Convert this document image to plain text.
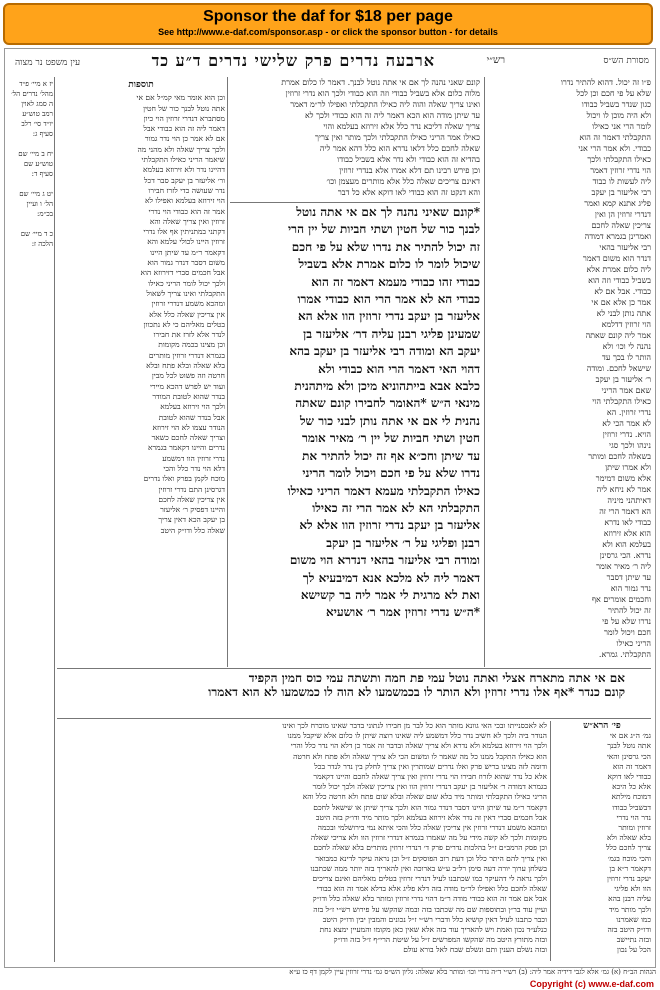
Sponsor the daf for $18 per page
See http://www.e-daf.com/sponsor.asp - or click the sponsor button - for details
מסורת הש״ס
רש״י
ארבעה נדרים פרק שלישי נדרים ד״ע כד
עין משפט נר מצוה
פ״ו זה יכול. דהוא להתיר נדרו
שלא על פי חכם וכן לכל
כגון שנדר בשביל כבודו
ולא היה מוכן לו ויכול
לומר הרי אני כאילו
התקבלתי דאמר זה הוא
כבודי. ולא אמר הרי אני
כאילו התקבלתי ולכך
הוי נדרי זרוזין דאמר
ליה לעשות לו כבוד
רבי אליעזר בן יעקב
פליג אתנא קמא ואמר
דנדרי זרוזין הן ואין
צריכין שאלה לחכם
ואמרינן בגמרא דמודה
רבי אליעזר בהאי
דנדר הוא משום דאמר
ליה כלום אמרת אלא
בשביל כבודי וזה הוא
כבודי. אבל אם לא
אמר כן אלא אם אי
אתה נותן לבני לא
הוי זרוזין דדלמא
אמר ליה קונם שאתה
נהנה לי וכו׳ ולא
הותר לו בכך עד
שישאל לחכם. ומודה
ר׳ אליעזר בן יעקב
שאם אמר הריני
כאילו התקבלתי הוי
נדרי זרוזין. הא
לא אמר הכי לא
הויא. נדרי זרוזין
נינהו ולכך סגי
בשאלה לחכם ומותר
ולא אמרו שיתן
אלא משום דמימר
אמר לא ניחא ליה
דאיתהני מיניה
הא דאמר הרי זה
כבודי לאו נדרא
הוא אלא זירוזא
בעלמא הוא ולא
נדרא. הכי גרסינן
ליה ר׳ מאיר אומר
עד שיתן דסבר
נדר גמור הוא
וחכמים אומרים אף
זה יכול להתיר
נדרו שלא על פי
חכם ויכול לומר
הריני כאילו
התקבלתי. גמרא.
קונם שאני נהנה לך אם אי אתה נוטל לבנך. דאמר לו כלום אמרת
מלוה כלום אלא בשביל כבודי וזה הוא כבודי ולכך הוא נדרי זרוזין
ואינו צריך שאלה והוה ליה כאילו התקבלתי ואפילו לר״מ דאמר
עד שיתן מודה הוא הכא דאמר ליה זה הוא כבודי ולכך לא
צריך שאלה דליכא נדר כלל אלא זירוזא בעלמא והוי
כאילו אמר הריני כאילו התקבלתי ולכך מותר ואין צריך
שאלה לחכם כלל דלאו נדרא הוא כלל דהא אמר ליה
בהדיא זה הוא כבודי ולא נדר אלא בשביל כבודו
וכן פירש רבינו תם דלא אמרו אלא בנדרי זרוזין
דאינם צריכים שאלה כלל אלא מותרים מעצמן וכו׳
והא דנקט זה הוא כבודי לאו דוקא אלא כל דבר
*קונם שאיני נהנה לך אם אי אתה נוטל
לבנך כור של חטין ושתי חביות של יין הרי
זה יכול להתיר את נדרו שלא על פי חכם
שיכול לומר לו כלום אמרת אלא בשביל
כבודי זהו כבודי מעמא דאמר זה הוא
כבודי הא לא אמר הרי הוא כבודי אמרו
אליעזר בן יעקב נדרי זרוזין הוו אלא הא
שמעינן פליגי רבנן עליה דר׳ אליעזר בן
יעקב הא ומודה רבי אליעזר בן יעקב בהא
דהוי האי דאמר הרי הוא כבודי ולא
כלבא אבא בייתהוניא מיכן ולא מיתהנית
מינאי ה״ש *האומר לחבירו קונם שאתה
נהנית לי אם אי אתה נותן לבני כור של
חטין ושתי חביות של יין ר׳ מאיר אומר
עד שיתן וחכ״א אף זה יכול להתיר את
נדרו שלא על פי חכם ויכול לומר הריני
כאילו התקבלתי מעמא דאמר הריני כאילו
התקבלתי הא לא אמר הרי זה כאילו
אליעזר בן יעקב נדרי זרוזין הוו אלא לא
רבנן ופליגי על ר׳ אליעזר בן יעקב
ומודה רבי אליעזר בהאי דנדרא הוי משום
דאמר ליה לא מלכא אנא דמיבעיא לך
ואת לא מרגית לי אמר ליה בר קשישא
*ה״ש נדרי זרוזין אמר ר׳ אושעיא
תוספות
וכן הוא אומר מאי קמ״ל אם אי
אתה נוטל לבנך כור של חטין
מסתברא דנדרי זרוזין הוי כיון
דאמר ליה זה הוא כבודי אבל
אם לא אמר כן הוי נדר גמור
ולכך צריך שאלה ולא מהני מה
שיאמר הריני כאילו התקבלתי
דהיינו נדר ולא זירוזא בעלמא
ור׳ אליעזר בן יעקב סבר דכל
נדר שעושה כדי לזרז חבירו
הוי זירוזא בעלמא ואפילו לא
אמר זה הוא כבודי הוי נדרי
זרוזין ואין צריך שאלה והא
דקתני במתניתין אף אלו נדרי
זרוזין היינו לכולי עלמא והא
דקאמר ר״מ עד שיתן היינו
משום דסבר דנדר גמור הוא
אבל חכמים סברי דזירוזא הוא
ולכך יכול לומר הריני כאילו
התקבלתי ואינו צריך לשאול
ומהכא משמע דנדרי זרוזין
אין צריכין שאלה כלל אלא
בטלים מאליהם כי לא נתכוון
לנדר אלא לזרז את חבירו
וכן מצינו בכמה מקומות
בגמרא דנדרי זרוזין מותרים
בלא שאלה ובלא פתח ובלא
חרטה וזה פשוט לכל מבין
ועוד יש לפרש דהכא מיירי
בנדר שהוא לטובת המודר
ולכך הוי זירוזא בעלמא
אבל בנדר שהוא לטובת
הנודר עצמו לא הוי זירוזא
וצריך שאלה לחכם כשאר
נדרים והיינו דקאמר בגמרא
נדרי זרוזין הוו דמשמע
דלא הוי נדר כלל והכי
מוכח לקמן בפרק ואלו נדרים
דגרסינן התם נדרי זרוזין
אין צריכין שאלה לחכם
והיינו דפסיק ר׳ אליעזר
בן יעקב הכא דאין צריך
שאלה כלל ודו״ק היטב
יז א מיי׳ פ״ד
מהל׳ נדרים הל׳
ה סמג לאוין
רמב טוש״ע
יו״ד סי׳ רלב
סעיף ג:

יח ב מיי׳ שם
טוש״ע שם
סעיף ד:

יט ג מיי׳ שם
הל׳ ו ועיין
בכ״מ:

כ ד מיי׳ שם
הלכה ז:
אם אי אתה מתארח אצלי ואתה נוטל עמי פת חמה ותשתה עמי כוס חמין הקפיד
קונם כנדר *אף אלו נדרי זרוזין ולא הותר לו בכמשמעו לא הוה לו כמשמעו לא הוא דאמרו
לא לאכסנייתו ובכי האי גוונא מותר הוא כל לבר מן חבירו לנתוני בדבר שאינו מוכרח לכך ואינו
הנודר ביה ולכך לא חשיב נדר כלל דמשמע ליה שאינו רוצה שיתן לו כלום אלא שיקבל ממנו
ולכך הוי זירוזא בעלמא ולא נדרא ולא צריך שאלה ובדבר זה אמר כן דלא הוי נדר כלל והרי
הוא כאילו התקבל ממנו כל מה שאמר לו ומשום הכי לא צריך שאלה ולא פתח ולא חרטה
ודומה לזה מצינו בריש פרק ואלו נדרים שמותרין ואין צריך לחלק בין נדר לנדר בכל
אלא כל נדר שהוא לזרוז חבירו הוי נדרי זרוזין ואין צריך שאלה לחכם והיינו דקאמר
בגמרא דמודה ר׳ אליעזר בן יעקב דנדרי זרוזין הוו ואין צריכין שאלה ולכך יכול לומר
הריני כאילו התקבלתי ומותר מיד בלא שום שאלה ובלא שום פתח ולא חרטה כלל והא
דקאמר ר״מ עד שיתן היינו דסבר דנדר גמור הוא ולכך צריך שיתן או שישאל לחכם
אבל חכמים סברי דאין זה נדר אלא זירוזא בעלמא ולכך מותר מיד ודו״ק בזה היטב
ומהכא משמע דנדרי זרוזין אין צריכין שאלה כלל והכי איתא נמי בירושלמי ובכמה
מקומות ולכך לא קשה מידי על מה שאמרו בגמרא דנדרי זרוזין הוו ולא צריכי שאלה
וכן פסק הרמב״ם ז״ל בהלכות נדרים פרק ד׳ דנדרי זרוזין מותרים בלא שאלה לחכם
ואין צריך להם היתר כלל וכן דעת רוב הפוסקים ז״ל וכן נראה עיקר לדינא כמבואר
בשלחן ערוך יורה דעה סימן רל״ב ע״ש בארוכה ואין להאריך בזה יותר ממה שכתבנו
ולכך נראה לי דהעיקר כמו שכתבנו לעיל דנדרי זרוזין בטלים מאליהם ואינם צריכים
שאלה לחכם כלל ואפילו לר״מ מודה בזה דלא פליג אלא בדלא אמר זה הוא כבודי
אבל אם אמר זה הוא כבודי מודה ר״מ דהוי נדרי זרוזין ומותר בלא שאלה כלל ודו״ק
ועיין עוד בר״ן ובתוספות שם מה שכתבו בזה ובמה שהקשו על פירוש רש״י ז״ל בזה
וכבר כתבנו לעיל דאין קושיא כלל ודברי רש״י ז״ל נכונים והמבין יבין ודו״ק היטב
כנלע״ד נכון ואמת ויש להאריך עוד בזה אלא שאין כאן מקומו והמעיין ימצא נחת
ובזה מתורץ היטב מה שהקשו המפרשים ז״ל על שיטת הרי״ף ז״ל בזה ודו״ק
ובזה נשלם הענין ותם ונשלם שבח לאל בורא עולם
פי׳ הרא״ש
גמ׳ ה״ג אם אי
אתה נוטל לבנך
הכי גרסינן והאי
דאמר זה הוא
כבודי לאו דוקא
אלא כל היכא
דמוכח מילתא
דבשביל כבודו
נדר הוי נדרי
זרוזין ומותר
בלא שאלה ולא
צריך לחכם כלל
והכי מוכח בגמ׳
דקאמר ר״א בן
יעקב נדרי זרוזין
הוו ולא פליגי
עליה רבנן בהא
ולכך מותר מיד
כמו שאמרנו
ודו״ק היטב בזה
ובזה נתיישב
הכל על נכון
הגהות הב״ח (א) גמ׳ אלא לגבי דידיה אמר ליה: (ב) רש״י ד״ה נדרי וכו׳ ומותר בלא שאלה: גליון הש״ס גמ׳ נדרי זרוזין עיין לקמן דף כז ע״א
Copyright (c) www.e-daf.com
